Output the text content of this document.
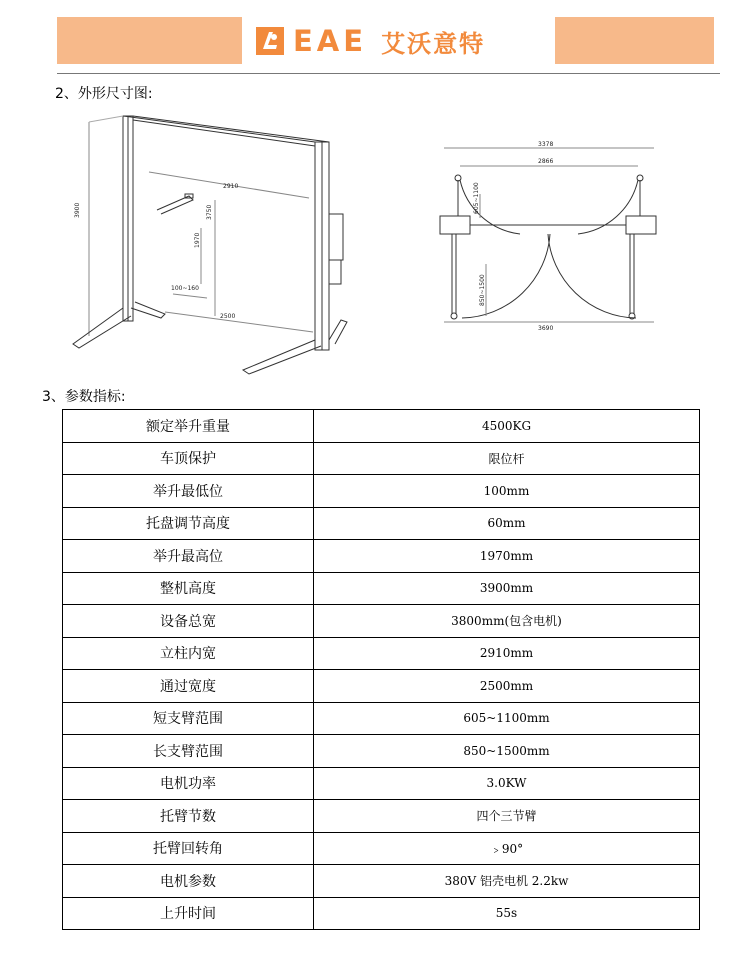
EAE 艾沃意特
2、外形尺寸图:
3900
2910
3750
1970
100~160
2500
3378
2866
605~1100
850~1500
3690
3、参数指标:
额定举升重量	4500KG
车顶保护	限位杆
举升最低位	100mm
托盘调节高度	60mm
举升最高位	1970mm
整机高度	3900mm
设备总宽	3800mm(包含电机)
立柱内宽	2910mm
通过宽度	2500mm
短支臂范围	605~1100mm
长支臂范围	850~1500mm
电机功率	3.0KW
托臂节数	四个三节臂
托臂回转角	﹥90°
电机参数	380V 铝壳电机 2.2kw
上升时间	55s
